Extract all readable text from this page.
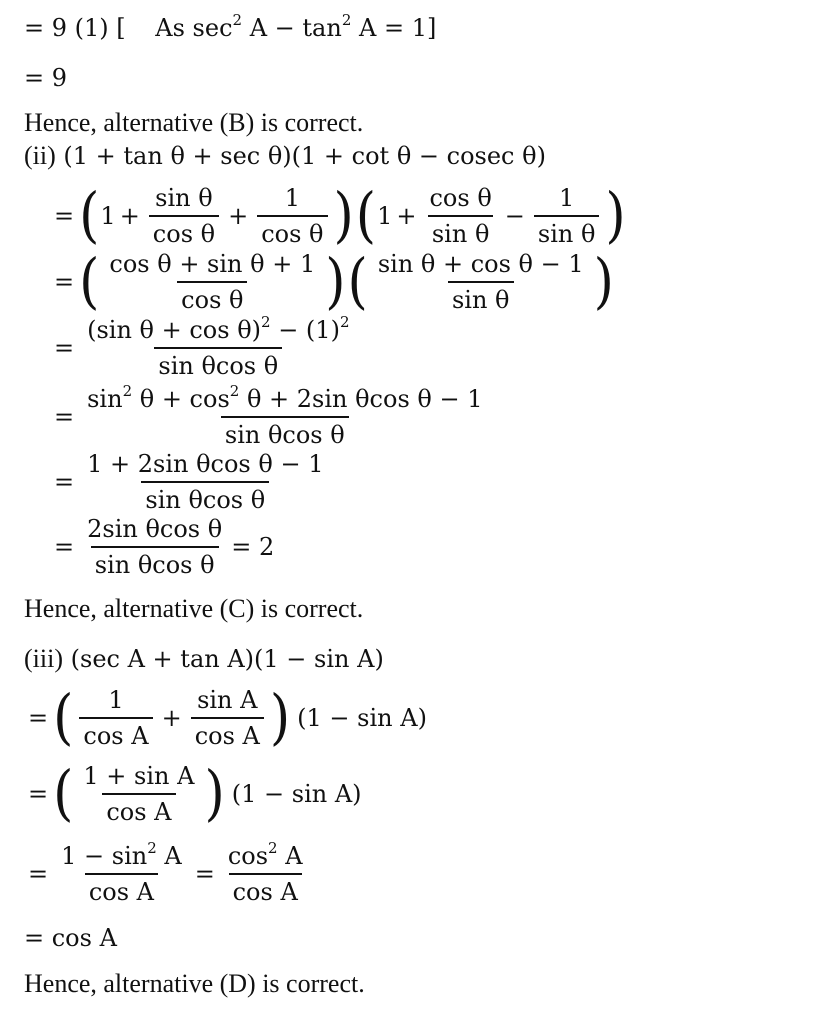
= 9 (1) [ As $\sec^2 A - \tan^2 A = 1$]
= 9
Hence, alternative (B) is correct.
(ii) (1 + tan θ + sec θ)(1 + cot θ − cosec θ)
= ( $1 + \frac{\text{sin θ}}{\text{cos θ}} + \frac{1}{\text{cos θ}}$ ) ( $1 + \frac{\text{cos θ}}{\text{sin θ}} - \frac{1}{\text{sin θ}}$ )
= ( $\frac{\text{cos θ + sin θ + 1}}{\text{cos θ}}$ ) ( $\frac{\text{sin θ + cos θ − 1}}{\text{sin θ}}$ )
= $\frac{(\sin \theta + \cos \theta)^2 - (1)^2}{\text{sin θcos θ}}$
= $\frac{\sin^2 \theta + \cos^2 \theta + 2\sin \theta\cos \theta - 1}{\text{sin θcos θ}}$
= $\frac{\text{1 + 2sin θcos θ − 1}}{\text{sin θcos θ}}$
= $\frac{\text{2sin θcos θ}}{\text{sin θcos θ}} = 2$
Hence, alternative (C) is correct.
(iii) (sec A + tan A)(1 − sin A)
= ( $\frac{1}{\text{cos A}} + \frac{\text{sin A}}{\text{cos A}}$ ) (1 − sin A)
= ( $\frac{\text{1 + sin A}}{\text{cos A}}$ ) (1 − sin A)
= $\frac{1 - \sin^2 A}{\text{cos A}} = \frac{\cos^2 A}{\text{cos A}}$
= cos A
Hence, alternative (D) is correct.
